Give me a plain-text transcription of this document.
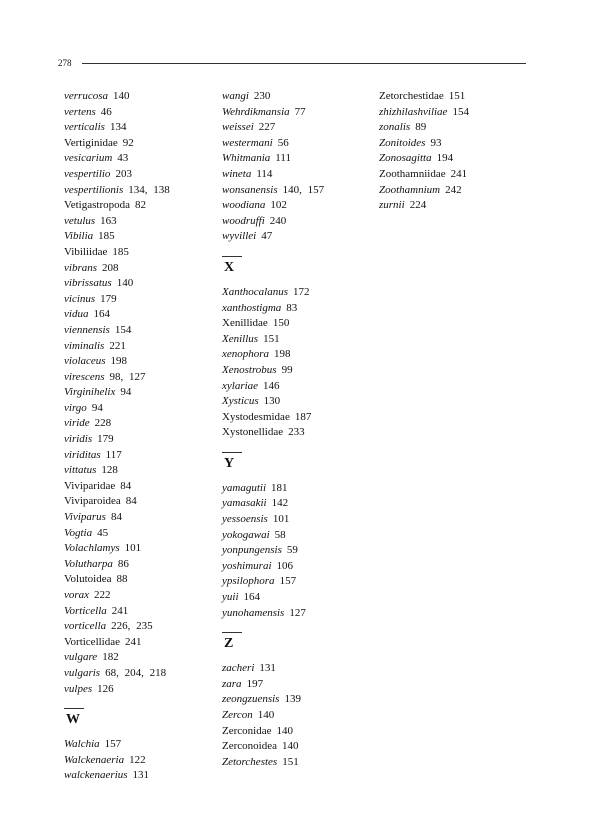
278
verrucosa 140
vertens 46
verticalis 134
Vertiginidae 92
vesicarium 43
vespertilio 203
vespertilionis 134, 138
Vetigastropoda 82
vetulus 163
Vibilia 185
Vibiliidae 185
vibrans 208
vibrissatus 140
vicinus 179
vidua 164
viennensis 154
viminalis 221
violaceus 198
virescens 98, 127
Virginihelix 94
virgo 94
viride 228
viridis 179
viriditas 117
vittatus 128
Viviparidae 84
Viviparoidea 84
Viviparus 84
Vogtia 45
Volachlamys 101
Volutharpa 86
Volutoidea 88
vorax 222
Vorticella 241
vorticella 226, 235
Vorticellidae 241
vulgare 182
vulgaris 68, 204, 218
vulpes 126
W
Walchia 157
Walckenaeria 122
walckenaerius 131
wangi 230
Wehrdikmansia 77
weissei 227
westermani 56
Whitmania 111
wineta 114
wonsanensis 140, 157
woodiana 102
woodruffi 240
wyvillei 47
X
Xanthocalanus 172
xanthostigma 83
Xenillidae 150
Xenillus 151
xenophora 198
Xenostrobus 99
xylariae 146
Xysticus 130
Xystodesmidae 187
Xystonellidae 233
Y
yamagutii 181
yamasakii 142
yessoensis 101
yokogawai 58
yonpungensis 59
yoshimurai 106
ypsilophora 157
yuii 164
yunohamensis 127
Z
zacheri 131
zara 197
zeongzuensis 139
Zercon 140
Zerconidae 140
Zerconoidea 140
Zetorchestes 151
Zetorchestidae 151
zhizhilashviliae 154
zonalis 89
Zonitoides 93
Zonosagitta 194
Zoothamniidae 241
Zoothamnium 242
zurnii 224
